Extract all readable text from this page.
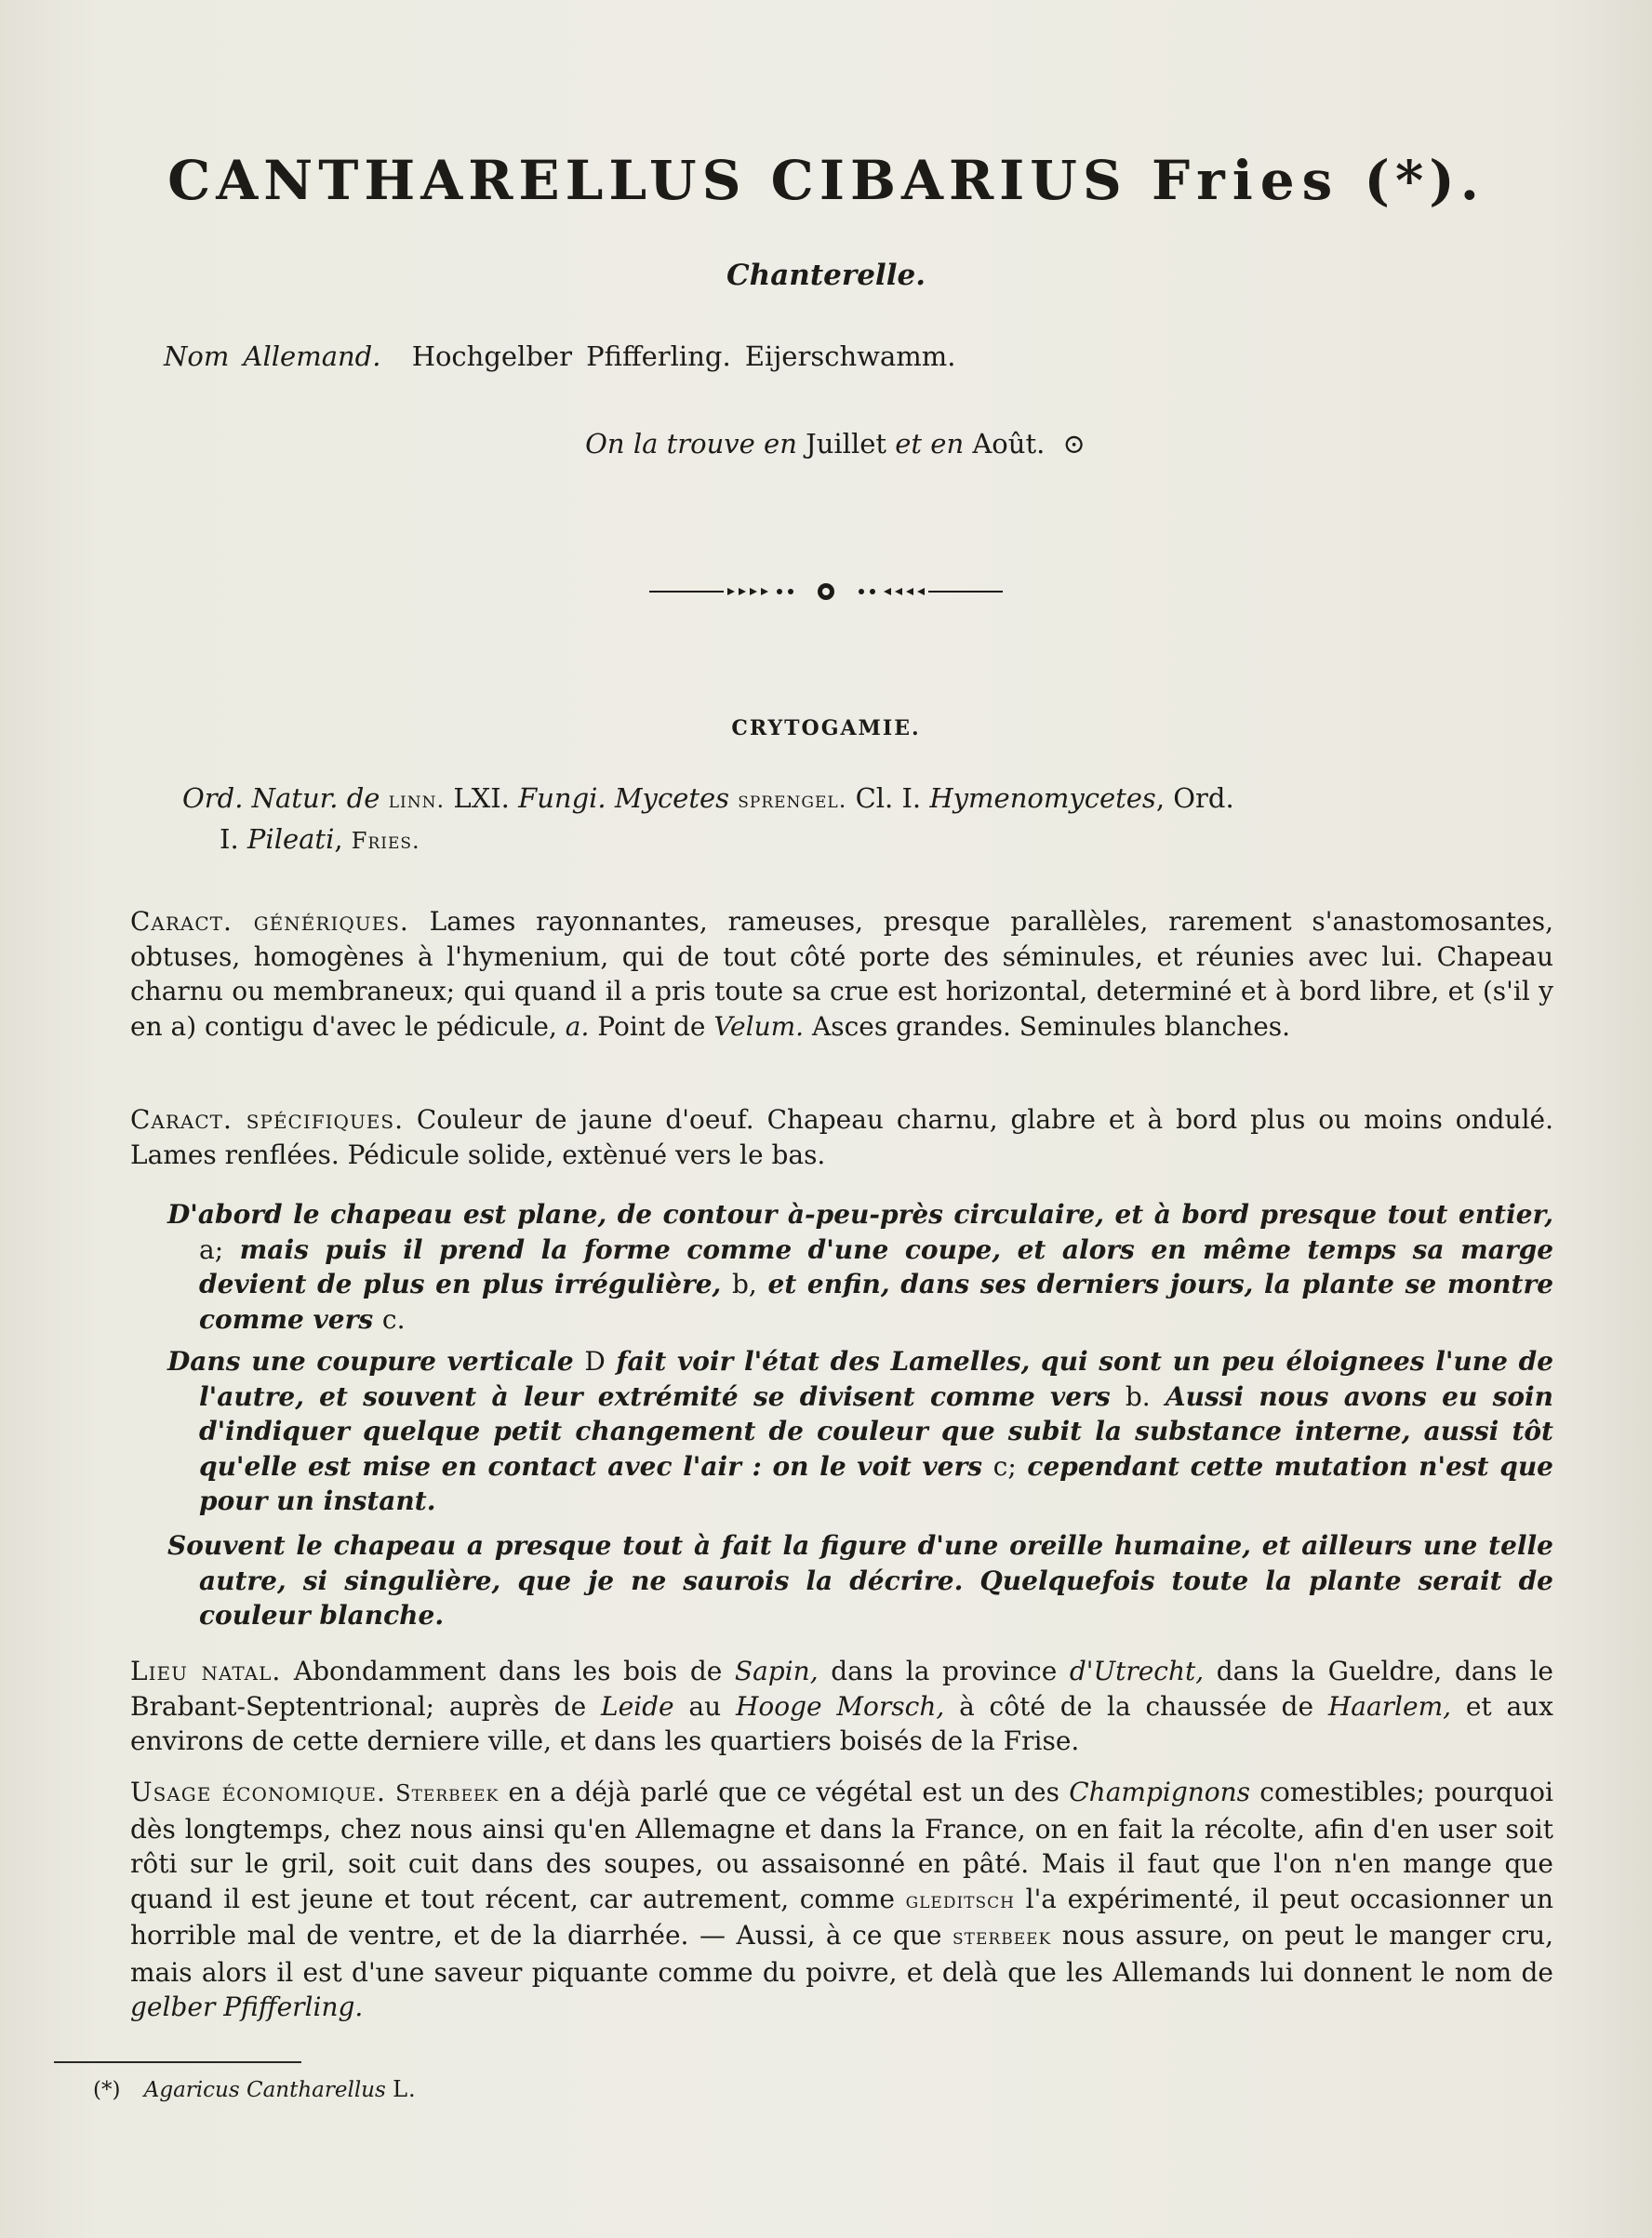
CANTHARELLUS CIBARIUS Fries (*).
Chanterelle.
Nom Allemand. Hochgelber Pfifferling. Eijerschwamm.
On la trouve en Juillet et en Août. ⊙
CRYTOGAMIE.
Ord. Natur. de linn. LXI. Fungi. Mycetes sprengel. Cl. I. Hymenomycetes, Ord.
I. Pileati, Fries.
Caract. génériques. Lames rayonnantes, rameuses, presque parallèles, rarement s'anastomosantes, obtuses, homogènes à l'hymenium, qui de tout côté porte des séminules, et réunies avec lui. Chapeau charnu ou membraneux; qui quand il a pris toute sa crue est horizontal, determiné et à bord libre, et (s'il y en a) contigu d'avec le pédicule, a. Point de Velum. Asces grandes. Seminules blanches.
Caract. spécifiques. Couleur de jaune d'oeuf. Chapeau charnu, glabre et à bord plus ou moins ondulé. Lames renflées. Pédicule solide, extènué vers le bas.
D'abord le chapeau est plane, de contour à-peu-près circulaire, et à bord presque tout entier, a; mais puis il prend la forme comme d'une coupe, et alors en même temps sa marge devient de plus en plus irrégulière, b, et enfin, dans ses derniers jours, la plante se montre comme vers c.
Dans une coupure verticale D fait voir l'état des Lamelles, qui sont un peu éloignees l'une de l'autre, et souvent à leur extrémité se divisent comme vers b. Aussi nous avons eu soin d'indiquer quelque petit changement de couleur que subit la substance interne, aussi tôt qu'elle est mise en contact avec l'air : on le voit vers c; cependant cette mutation n'est que pour un instant.
Souvent le chapeau a presque tout à fait la figure d'une oreille humaine, et ailleurs une telle autre, si singulière, que je ne saurois la décrire. Quelquefois toute la plante serait de couleur blanche.
Lieu natal. Abondamment dans les bois de Sapin, dans la province d'Utrecht, dans la Gueldre, dans le Brabant-Septentrional; auprès de Leide au Hooge Morsch, à côté de la chaussée de Haarlem, et aux environs de cette derniere ville, et dans les quartiers boisés de la Frise.
Usage économique. Sterbeek en a déjà parlé que ce végétal est un des Champignons comestibles; pourquoi dès longtemps, chez nous ainsi qu'en Allemagne et dans la France, on en fait la récolte, afin d'en user soit rôti sur le gril, soit cuit dans des soupes, ou assaisonné en pâté. Mais il faut que l'on n'en mange que quand il est jeune et tout récent, car autrement, comme gleditsch l'a expérimenté, il peut occasionner un horrible mal de ventre, et de la diarrhée. — Aussi, à ce que sterbeek nous assure, on peut le manger cru, mais alors il est d'une saveur piquante comme du poivre, et delà que les Allemands lui donnent le nom de gelber Pfifferling.
(*) Agaricus Cantharellus L.
